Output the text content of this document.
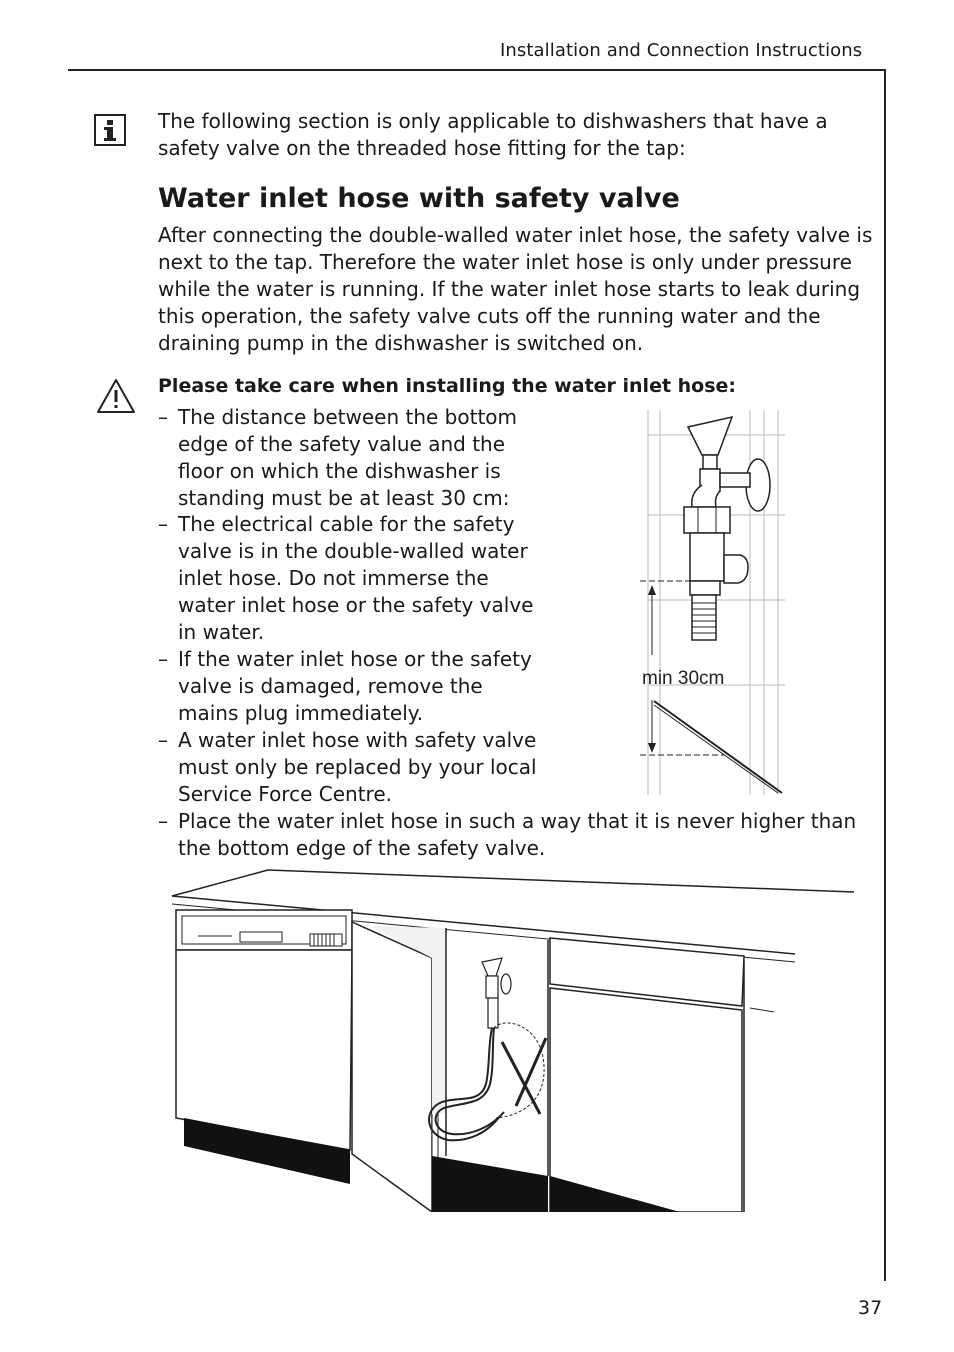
Installation and Connection Instructions
The following section is only applicable to dishwashers that have a
safety valve on the threaded hose fitting for the tap:
Water inlet hose with safety valve
After connecting the double-walled water inlet hose, the safety valve is
next to the tap. Therefore the water inlet hose is only under pressure
while the water is running. If the water inlet hose starts to leak during
this operation, the safety valve cuts off the running water and the
draining pump in the dishwasher is switched on.
Please take care when installing the water inlet hose:
– The distance between the bottom
edge of the safety value and the
floor on which the dishwasher is
standing must be at least 30 cm:
– The electrical cable for the safety
valve is in the double-walled water
inlet hose. Do not immerse the
water inlet hose or the safety valve
in water.
– If the water inlet hose or the safety
valve is damaged, remove the
mains plug immediately.
– A water inlet hose with safety valve
must only be replaced by your local
Service Force Centre.
– Place the water inlet hose in such a way that it is never higher than
the bottom edge of the safety valve.
min 30cm
37
